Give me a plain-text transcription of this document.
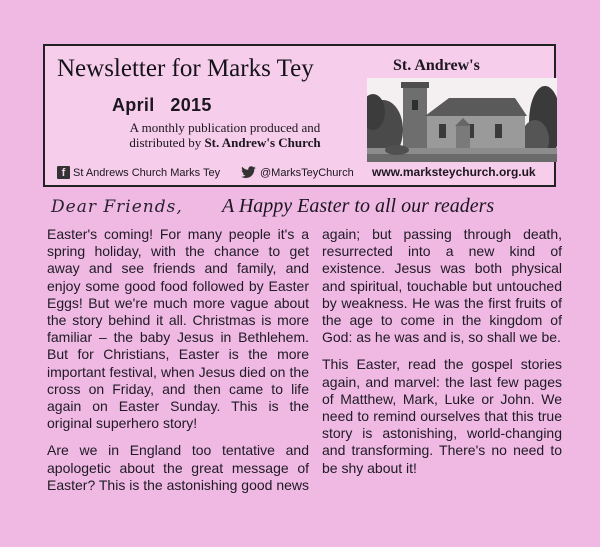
Newsletter for Marks Tey
April   2015
A monthly publication produced and
distributed by St. Andrew's Church
St. Andrew's
f St Andrews Church Marks Tey	@MarksTeyChurch www.marksteychurch.org.uk
Dear Friends, A Happy Easter to all our readers

Easter's coming! For many people it's a spring holiday, with the chance to get away and see friends and family, and enjoy some good food followed by Easter Eggs! But we're much more vague about the story behind it all. Christmas is more familiar – the baby Jesus in Bethlehem. But for Christians, Easter is the more important festival, when Jesus died on the cross on Friday, and then came to life again on Easter Sunday. This is the original superhero story!

Are we in England too tentative and apologetic about the great message of Easter? This is the astonishing good news

again; but passing through death, resurrected into a new kind of existence. Jesus was both physical and spiritual, touchable but untouched by weakness. He was the first fruits of the age to come in the kingdom of God: as he was and is, so shall we be.

This Easter, read the gospel stories again, and marvel: the last few pages of Matthew, Mark, Luke or John. We need to remind ourselves that this true story is astonishing, world-changing and transforming. There's no need to be shy about it!
